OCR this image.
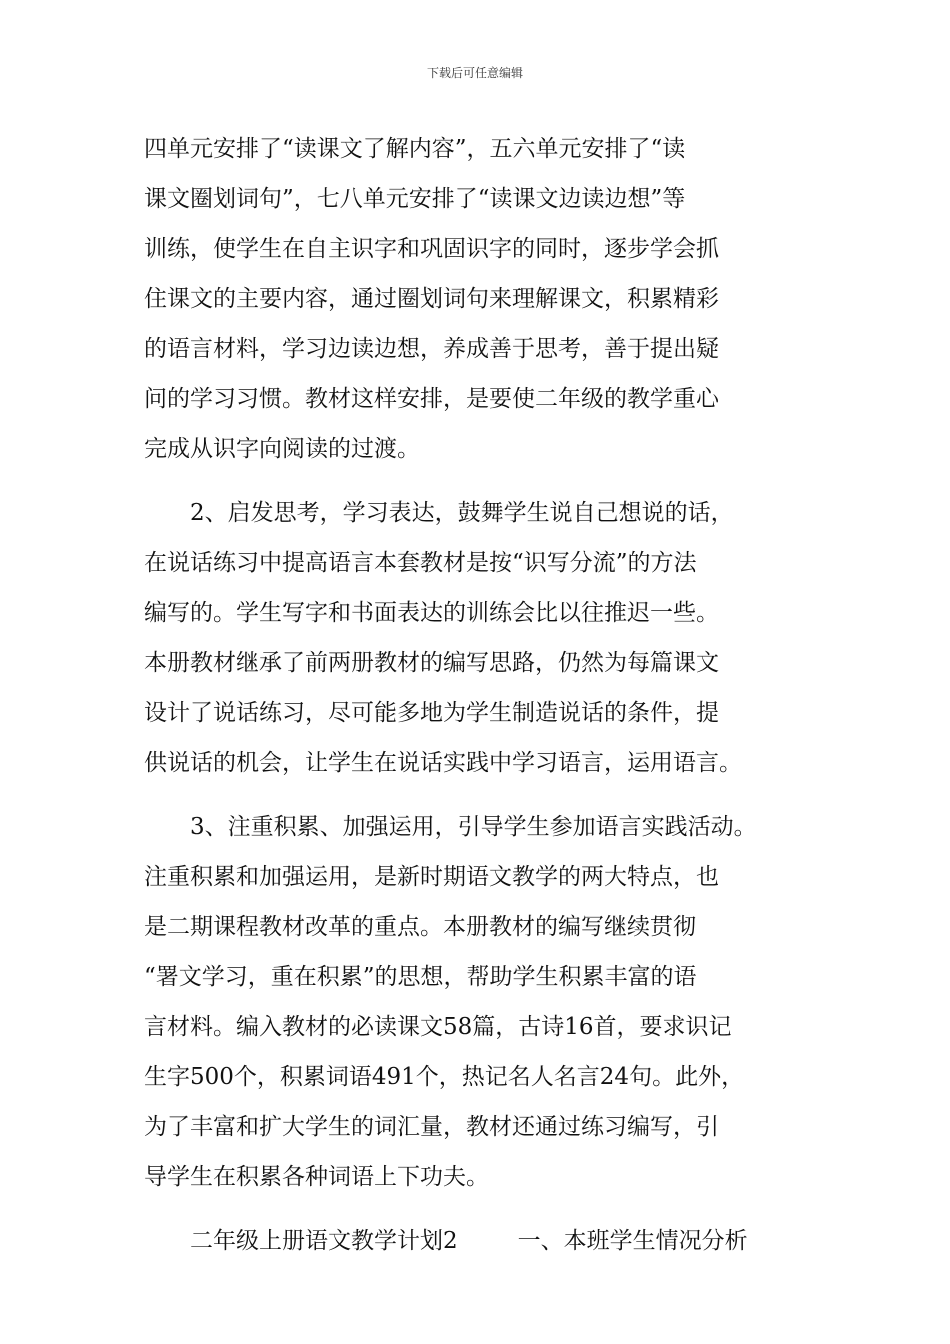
下载后可任意编辑
四单元安排了“读课文了解内容”，五六单元安排了“读
课文圈划词句”，七八单元安排了“读课文边读边想”等
训练，使学生在自主识字和巩固识字的同时，逐步学会抓
住课文的主要内容，通过圈划词句来理解课文，积累精彩
的语言材料，学习边读边想，养成善于思考，善于提出疑
问的学习习惯。教材这样安排，是要使二年级的教学重心
完成从识字向阅读的过渡。
2、启发思考，学习表达，鼓舞学生说自己想说的话，
在说话练习中提高语言本套教材是按“识写分流”的方法
编写的。学生写字和书面表达的训练会比以往推迟一些。
本册教材继承了前两册教材的编写思路，仍然为每篇课文
设计了说话练习，尽可能多地为学生制造说话的条件，提
供说话的机会，让学生在说话实践中学习语言，运用语言。
3、注重积累、加强运用，引导学生参加语言实践活动。
注重积累和加强运用，是新时期语文教学的两大特点，也
是二期课程教材改革的重点。本册教材的编写继续贯彻
“署文学习，重在积累”的思想，帮助学生积累丰富的语
言材料。编入教材的必读课文58篇，古诗16首，要求识记
生字500个，积累词语491个，热记名人名言24句。此外，
为了丰富和扩大学生的词汇量，教材还通过练习编写，引
导学生在积累各种词语上下功夫。
二年级上册语文教学计划2	一、本班学生情况分析
